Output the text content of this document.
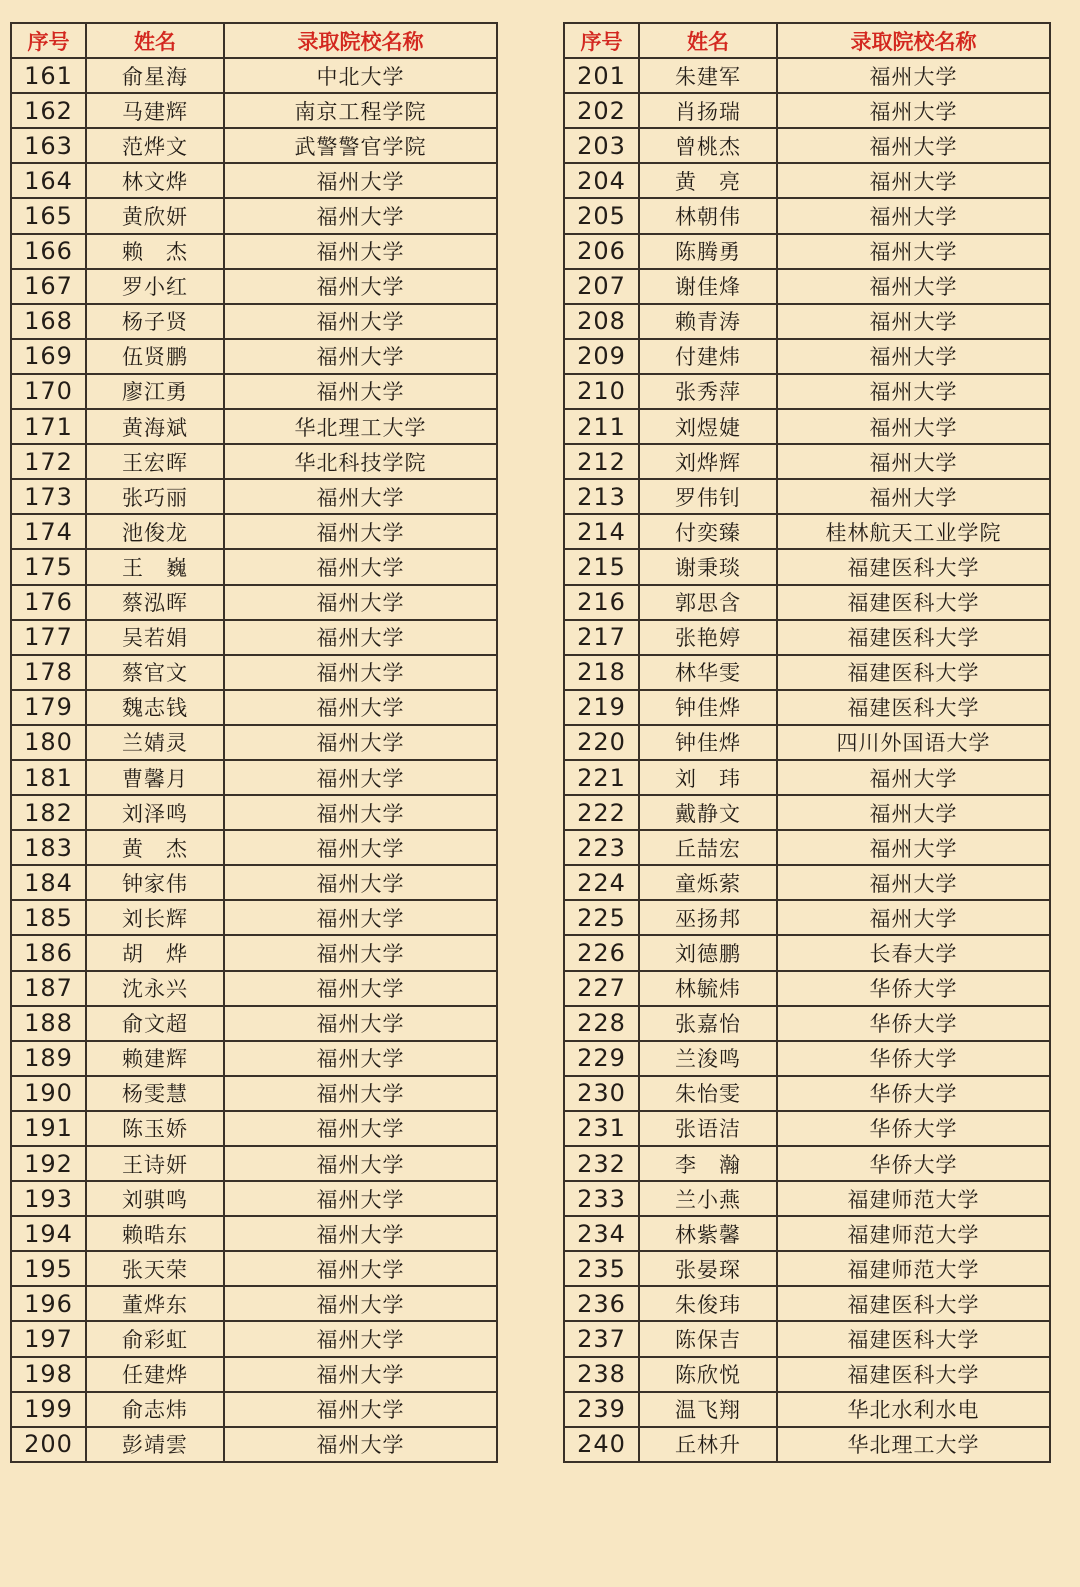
序号	姓名	录取院校名称
161	俞星海	中北大学
162	马建辉	南京工程学院
163	范烨文	武警警官学院
164	林文烨	福州大学
165	黄欣妍	福州大学
166	赖　杰	福州大学
167	罗小红	福州大学
168	杨子贤	福州大学
169	伍贤鹏	福州大学
170	廖江勇	福州大学
171	黄海斌	华北理工大学
172	王宏晖	华北科技学院
173	张巧丽	福州大学
174	池俊龙	福州大学
175	王　巍	福州大学
176	蔡泓晖	福州大学
177	吴若娟	福州大学
178	蔡官文	福州大学
179	魏志钱	福州大学
180	兰婧灵	福州大学
181	曹馨月	福州大学
182	刘泽鸣	福州大学
183	黄　杰	福州大学
184	钟家伟	福州大学
185	刘长辉	福州大学
186	胡　烨	福州大学
187	沈永兴	福州大学
188	俞文超	福州大学
189	赖建辉	福州大学
190	杨雯慧	福州大学
191	陈玉娇	福州大学
192	王诗妍	福州大学
193	刘骐鸣	福州大学
194	赖晧东	福州大学
195	张天荣	福州大学
196	董烨东	福州大学
197	俞彩虹	福州大学
198	任建烨	福州大学
199	俞志炜	福州大学
200	彭靖雲	福州大学
序号	姓名	录取院校名称
201	朱建军	福州大学
202	肖扬瑞	福州大学
203	曾桃杰	福州大学
204	黄　亮	福州大学
205	林朝伟	福州大学
206	陈腾勇	福州大学
207	谢佳烽	福州大学
208	赖青涛	福州大学
209	付建炜	福州大学
210	张秀萍	福州大学
211	刘煜婕	福州大学
212	刘烨辉	福州大学
213	罗伟钊	福州大学
214	付奕臻	桂林航天工业学院
215	谢秉琰	福建医科大学
216	郭思含	福建医科大学
217	张艳婷	福建医科大学
218	林华雯	福建医科大学
219	钟佳烨	福建医科大学
220	钟佳烨	四川外国语大学
221	刘　玮	福州大学
222	戴静文	福州大学
223	丘喆宏	福州大学
224	童烁萦	福州大学
225	巫扬邦	福州大学
226	刘德鹏	长春大学
227	林毓炜	华侨大学
228	张嘉怡	华侨大学
229	兰浚鸣	华侨大学
230	朱怡雯	华侨大学
231	张语洁	华侨大学
232	李　瀚	华侨大学
233	兰小燕	福建师范大学
234	林紫馨	福建师范大学
235	张晏琛	福建师范大学
236	朱俊玮	福建医科大学
237	陈保吉	福建医科大学
238	陈欣悦	福建医科大学
239	温飞翔	华北水利水电
240	丘林升	华北理工大学
